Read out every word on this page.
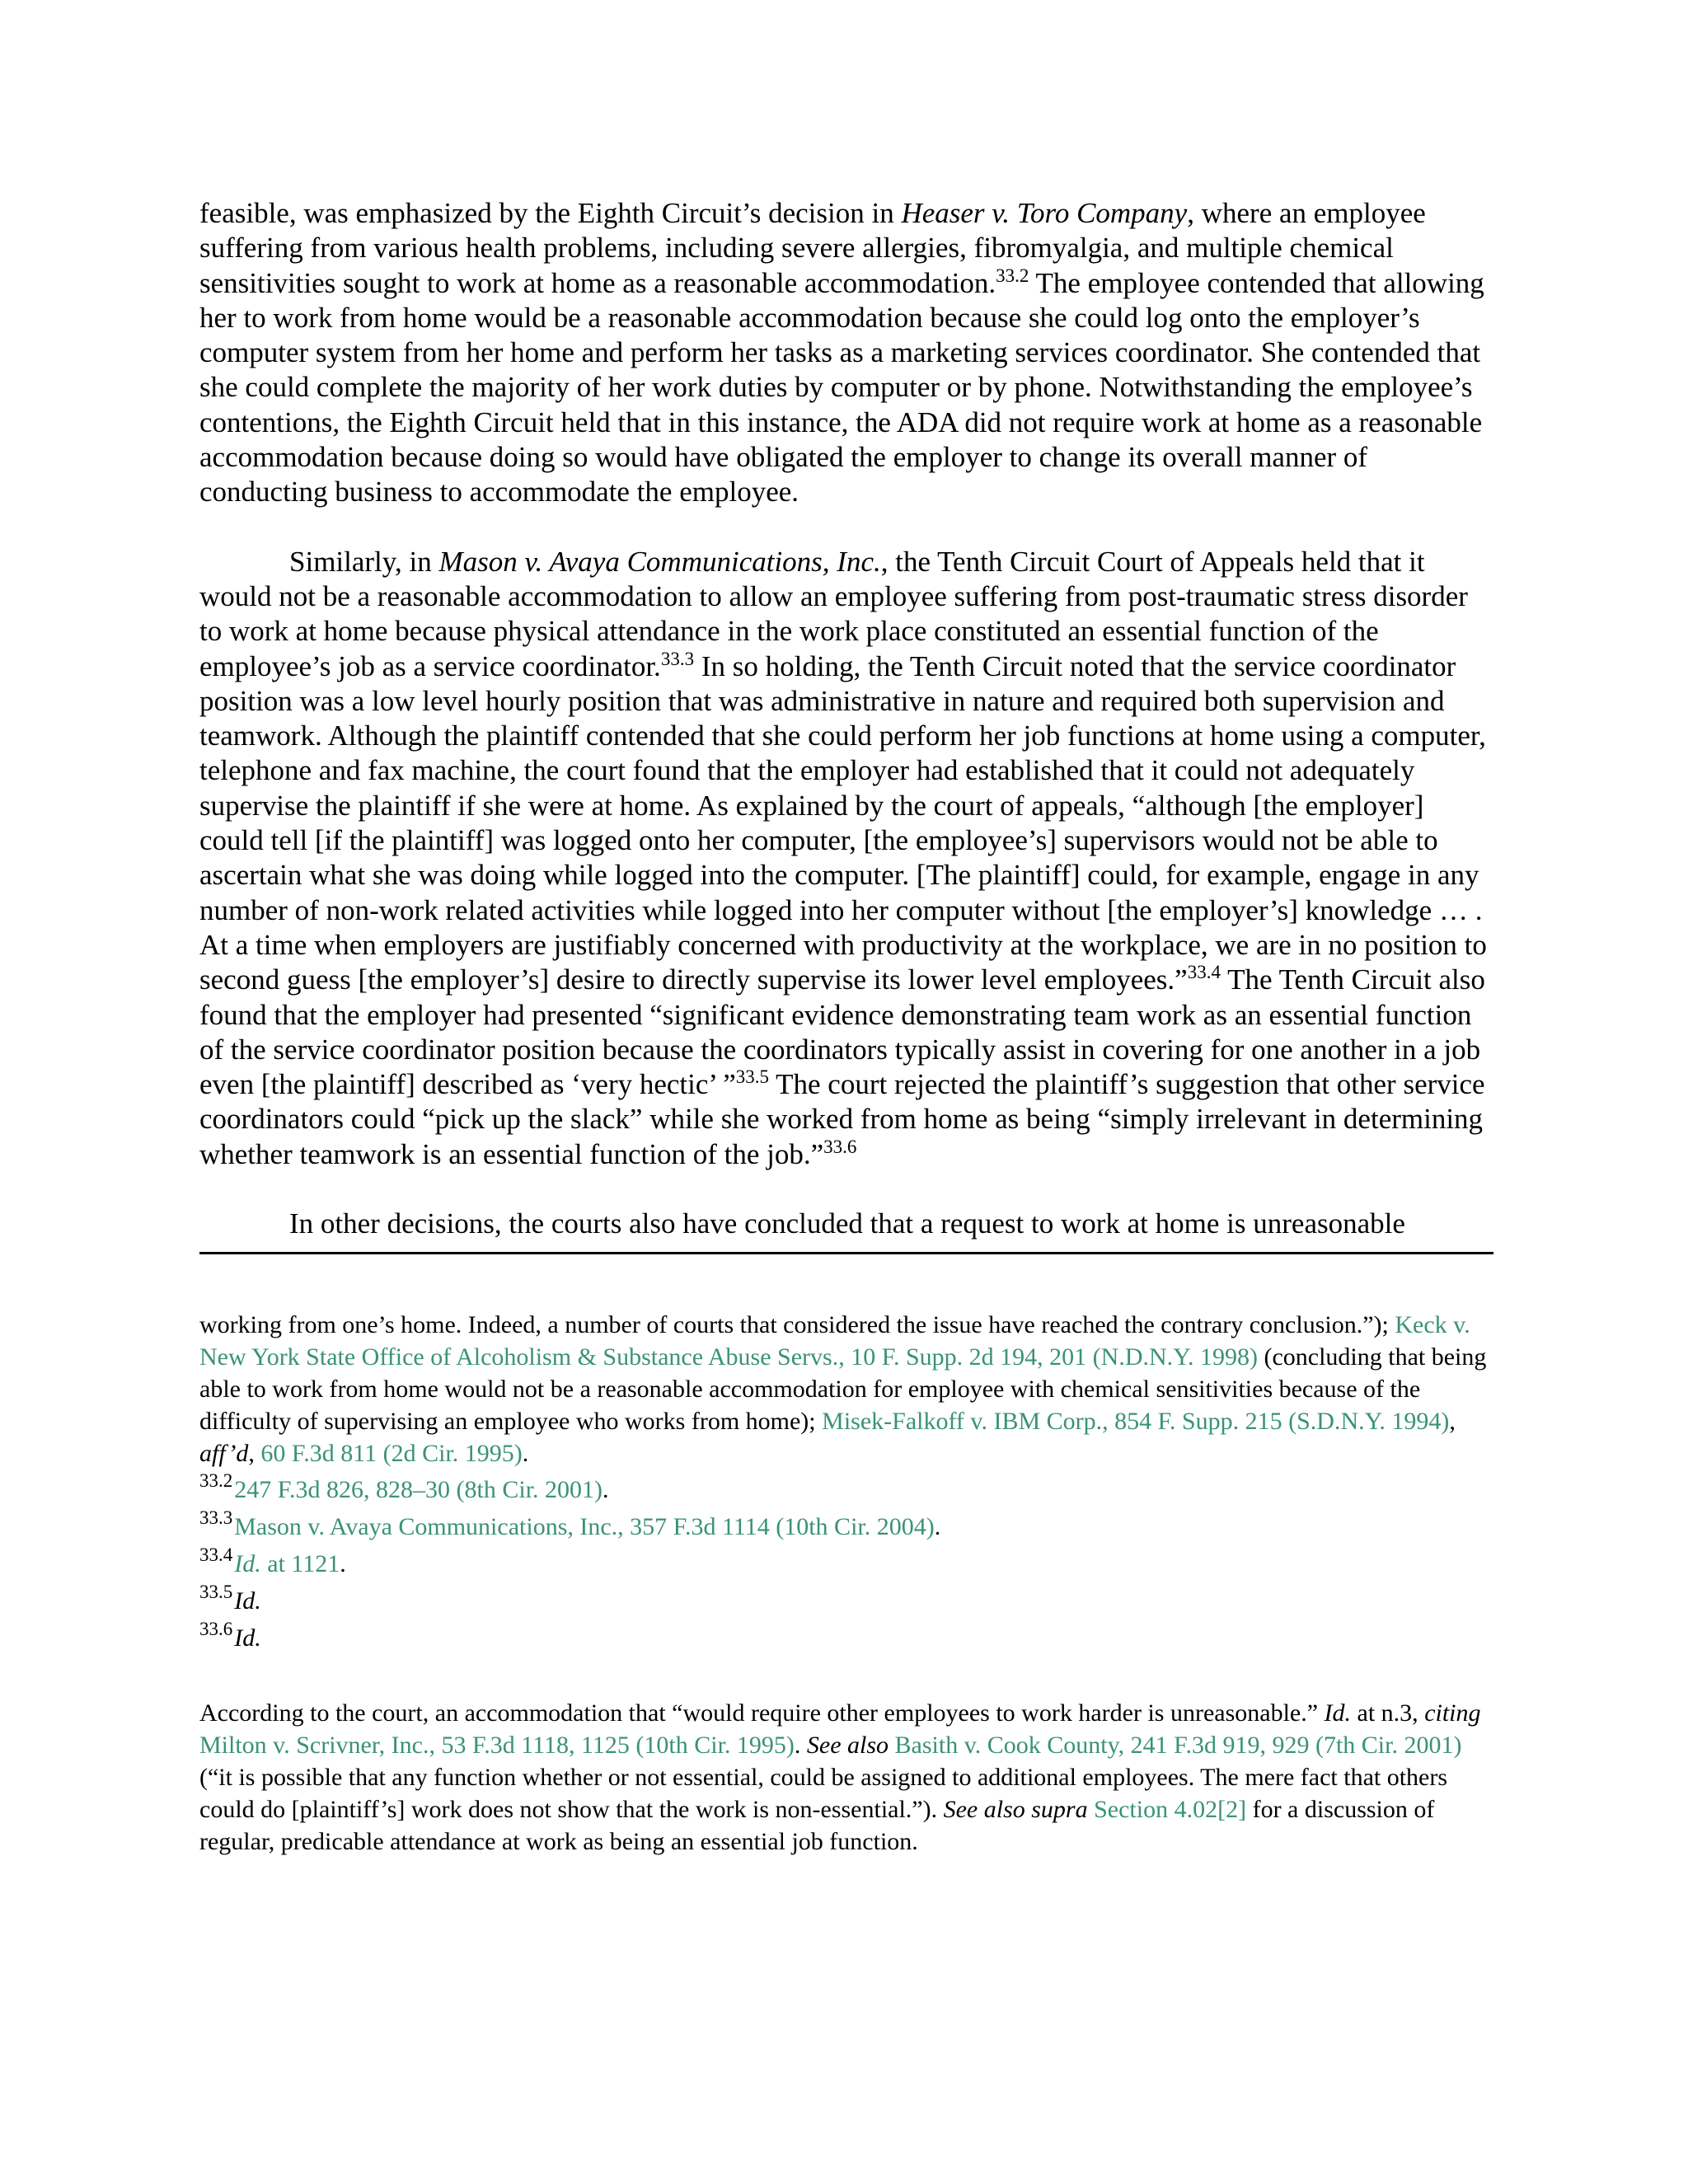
feasible, was emphasized by the Eighth Circuit’s decision in Heaser v. Toro Company, where an employee suffering from various health problems, including severe allergies, fibromyalgia, and multiple chemical sensitivities sought to work at home as a reasonable accommodation.$^{33.2}$ The employee contended that allowing her to work from home would be a reasonable accommodation because she could log onto the employer’s computer system from her home and perform her tasks as a marketing services coordinator. She contended that she could complete the majority of her work duties by computer or by phone. Notwithstanding the employee’s contentions, the Eighth Circuit held that in this instance, the ADA did not require work at home as a reasonable accommodation because doing so would have obligated the employer to change its overall manner of conducting business to accommodate the employee.

Similarly, in Mason v. Avaya Communications, Inc., the Tenth Circuit Court of Appeals held that it would not be a reasonable accommodation to allow an employee suffering from post-traumatic stress disorder to work at home because physical attendance in the work place constituted an essential function of the employee’s job as a service coordinator.$^{33.3}$ In so holding, the Tenth Circuit noted that the service coordinator position was a low level hourly position that was administrative in nature and required both supervision and teamwork. Although the plaintiff contended that she could perform her job functions at home using a computer, telephone and fax machine, the court found that the employer had established that it could not adequately supervise the plaintiff if she were at home. As explained by the court of appeals, “although [the employer] could tell [if the plaintiff] was logged onto her computer, [the employee’s] supervisors would not be able to ascertain what she was doing while logged into the computer. [The plaintiff] could, for example, engage in any number of non-work related activities while logged into her computer without [the employer’s] knowledge … . At a time when employers are justifiably concerned with productivity at the workplace, we are in no position to second guess [the employer’s] desire to directly supervise its lower level employees.”$^{33.4}$ The Tenth Circuit also found that the employer had presented “significant evidence demonstrating team work as an essential function of the service coordinator position because the coordinators typically assist in covering for one another in a job even [the plaintiff] described as ‘very hectic’ ”$^{33.5}$ The court rejected the plaintiff’s suggestion that other service coordinators could “pick up the slack” while she worked from home as being “simply irrelevant in determining whether teamwork is an essential function of the job.”$^{33.6}$

In other decisions, the courts also have concluded that a request to work at home is unreasonable

working from one’s home. Indeed, a number of courts that considered the issue have reached the contrary conclusion.”); Keck v. New York State Office of Alcoholism & Substance Abuse Servs., 10 F. Supp. 2d 194, 201 (N.D.N.Y. 1998) (concluding that being able to work from home would not be a reasonable accommodation for employee with chemical sensitivities because of the difficulty of supervising an employee who works from home); Misek-Falkoff v. IBM Corp., 854 F. Supp. 215 (S.D.N.Y. 1994), aff’d, 60 F.3d 811 (2d Cir. 1995).

$^{33.2}$247 F.3d 826, 828–30 (8th Cir. 2001).

$^{33.3}$Mason v. Avaya Communications, Inc., 357 F.3d 1114 (10th Cir. 2004).

$^{33.4}$Id. at 1121.

$^{33.5}$Id.

$^{33.6}$Id.

According to the court, an accommodation that “would require other employees to work harder is unreasonable.” Id. at n.3, citing Milton v. Scrivner, Inc., 53 F.3d 1118, 1125 (10th Cir. 1995). See also Basith v. Cook County, 241 F.3d 919, 929 (7th Cir. 2001) (“it is possible that any function whether or not essential, could be assigned to additional employees. The mere fact that others could do [plaintiff’s] work does not show that the work is non-essential.”). See also supra Section 4.02[2] for a discussion of regular, predicable attendance at work as being an essential job function.
